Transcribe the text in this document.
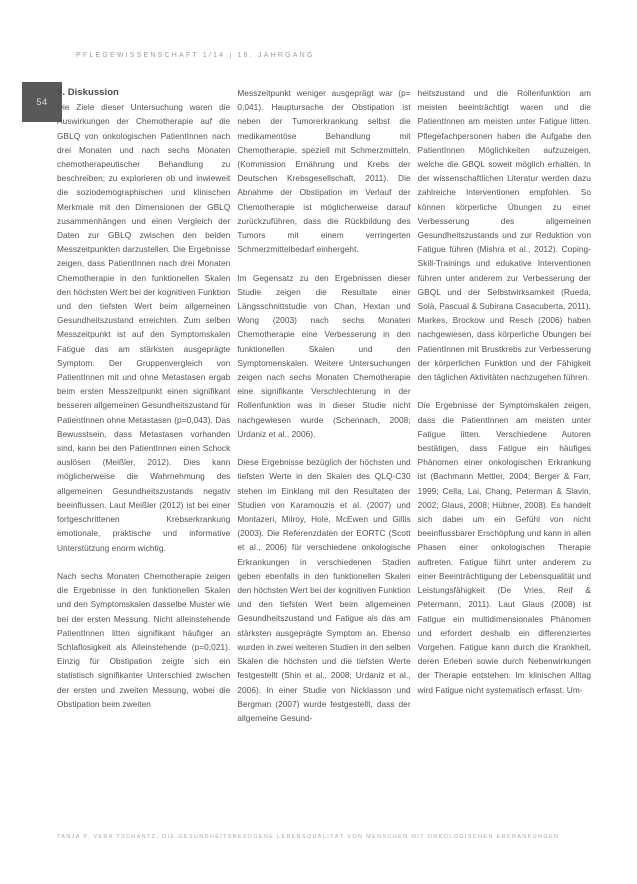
PFLEGEWISSENSCHAFT 1/14 | 16. JAHRGANG
54
5. Diskussion

Die Ziele dieser Untersuchung waren die Auswirkungen der Chemotherapie auf die GBLQ von onkologischen PatientInnen nach drei Monaten und nach sechs Monaten chemotherapeutischer Behandlung zu beschreiben; zu explorieren ob und inwieweit die soziodemographischen und klinischen Merkmale mit den Dimensionen der GBLQ zusammenhängen und einen Vergleich der Daten zur GBLQ zwischen den beiden Messzeitpunkten darzustellen. Die Ergebnisse zeigen, dass PatientInnen nach drei Monaten Chemotherapie in den funktionellen Skalen den höchsten Wert bei der kognitiven Funktion und den tiefsten Wert beim allgemeinen Gesundheitszustand erreichten. Zum selben Messzeitpunkt ist auf den Symptomskalen Fatigue das am stärksten ausgeprägte Symptom. Der Gruppenvergleich von PatientInnen mit und ohne Metastasen ergab beim ersten Messzeitpunkt einen signifikant besseren allgemeinen Gesundheitszustand für PatientInnen ohne Metastasen (p=0,043). Das Bewusstsein, dass Metastasen vorhanden sind, kann bei den PatientInnen einen Schock auslösen (Meißler, 2012). Dies kann möglicherweise die Wahrnehmung des allgemeinen Gesundheitszustands negativ beeinflussen. Laut Meißler (2012) ist bei einer fortgeschrittenen Krebserkrankung emotionale, praktische und informative Unterstützung enorm wichtig.

Nach sechs Monaten Chemotherapie zeigen die Ergebnisse in den funktionellen Skalen und den Symptomskalen dasselbe Muster wie bei der ersten Messung. Nicht alleinstehende PatientInnen litten signifikant häufiger an Schlaflosigkeit als Alleinstehende (p=0,021). Einzig für Obstipation zeigte sich ein statistisch signifikanter Unterschied zwischen der ersten und zweiten Messung, wobei die Obstipation beim zweiten

Messzeitpunkt weniger ausgeprägt war (p= 0,041). Hauptursache der Obstipation ist neben der Tumorerkrankung selbst die medikamentöse Behandlung mit Chemotherapie, speziell mit Schmerzmitteln. (Kommission Ernährung und Krebs der Deutschen Krebsgesellschaft, 2011). Die Abnahme der Obstipation im Verlauf der Chemotherapie ist möglicherweise darauf zurückzuführen, dass die Rückbildung des Tumors mit einem verringerten Schmerzmittelbedarf einhergeht.

Im Gegensatz zu den Ergebnissen dieser Studie zeigen die Resultate einer Längsschnittstudie von Chan, Hextan und Wong (2003) nach sechs Monaten Chemotherapie eine Verbesserung in den funktionellen Skalen und den Symptomenskalen. Weitere Untersuchungen zeigen nach sechs Monaten Chemotherapie eine signifikante Verschlechterung in der Rollenfunktion was in dieser Studie nicht nachgewiesen wurde (Schennach, 2008; Urdaniz et al., 2006).

Diese Ergebnisse bezüglich der höchsten und tiefsten Werte in den Skalen des QLQ-C30 stehen im Einklang mit den Resultaten der Studien von Karamouzis et al. (2007) und Montazeri, Milroy, Hole, McEwen und Gillis (2003). Die Referenzdaten der EORTC (Scott et al., 2006) für verschiedene onkologische Erkrankungen in verschiedenen Stadien geben ebenfalls in den funktionellen Skalen den höchsten Wert bei der kognitiven Funktion und den tiefsten Wert beim allgemeinen Gesundheitszustand und Fatigue als das am stärksten ausgeprägte Symptom an. Ebenso wurden in zwei weiteren Studien in den selben Skalen die höchsten und die tiefsten Werte festgestellt (Shin et al., 2008; Urdaniz et al., 2006). In einer Studie von Nicklasson und Bergman (2007) wurde festgestellt, dass der allgemeine Gesund-

heitszustand und die Rollenfunktion am meisten beeinträchtigt waren und die PatientInnen am meisten unter Fatigue litten. Pflegefachpersonen haben die Aufgabe den PatientInnen Möglichkeiten aufzuzeigen, welche die GBQL soweit möglich erhalten. In der wissenschaftlichen Literatur werden dazu zahlreiche Interventionen empfohlen. So können körperliche Übungen zu einer Verbesserung des allgemeinen Gesundheitszustands und zur Reduktion von Fatigue führen (Mishra et al., 2012). Coping-Skill-Trainings und edukative Interventionen führen unter anderem zur Verbesserung der GBQL und der Selbstwirksamkeit (Rueda, Solà, Pascual & Subirana Casacuberta, 2011). Markes, Brockow und Resch (2006) haben nachgewiesen, dass körperliche Übungen bei PatientInnen mit Brustkrebs zur Verbesserung der körperlichen Funktion und der Fähigkeit den täglichen Aktivitäten nachzugehen führen.

Die Ergebnisse der Symptomskalen zeigen, dass die PatientInnen am meisten unter Fatigue litten. Verschiedene Autoren bestätigen, dass Fatigue ein häufiges Phänomen einer onkologischen Erkrankung ist (Bachmann Mettler, 2004; Berger & Farr, 1999; Cella, Lai, Chang, Peterman & Slavin, 2002; Glaus, 2008; Hübner, 2008). Es handelt sich dabei um ein Gefühl von nicht beeinflussbarer Erschöpfung und kann in allen Phasen einer onkologischen Therapie auftreten. Fatigue führt unter anderem zu einer Beeinträchtigung der Lebensqualität und Leistungsfähigkeit (De Vries, Reif & Petermann, 2011). Laut Glaus (2008) ist Fatigue ein multidimensionales Phänomen und erfordert deshalb ein differenziertes Vorgehen. Fatigue kann durch die Krankheit, deren Erleben sowie durch Nebenwirkungen der Therapie entstehen. Im klinischen Alltag wird Fatigue nicht systematisch erfasst. Um-

TANJA P. VERA TSCHANTZ: DIE GESUNDHEITSBEZOGENE LEBENSQUALITÄT VON MENSCHEN MIT ONKOLOGISCHEN ERKRANKUNGEN
